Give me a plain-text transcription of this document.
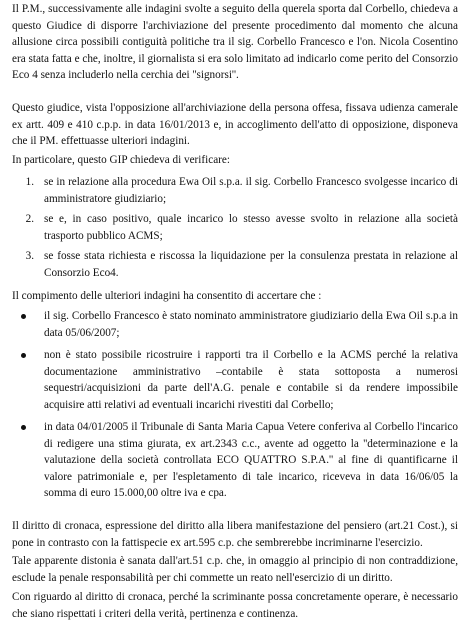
Il P.M., successivamente alle indagini svolte a seguito della querela sporta dal Corbello, chiedeva a questo Giudice di disporre l'archiviazione del presente procedimento dal momento che alcuna allusione circa possibili contiguità politiche tra il sig. Corbello Francesco e l'on. Nicola Cosentino era stata fatta e che, inoltre, il giornalista si era solo limitato ad indicarlo come perito del Consorzio Eco 4 senza includerlo nella cerchia dei ''signorsi''.

Questo giudice, vista l'opposizione all'archiviazione della persona offesa, fissava udienza camerale ex artt. 409 e 410 c.p.p. in data 16/01/2013 e, in accoglimento dell'atto di opposizione, disponeva che il PM. effettuasse ulteriori indagini.

In particolare, questo GIP chiedeva di verificare:

1. se in relazione alla procedura Ewa Oil s.p.a. il sig. Corbello Francesco svolgesse incarico di amministratore giudiziario;
2. se e, in caso positivo, quale incarico lo stesso avesse svolto in relazione alla società trasporto pubblico ACMS;
3. se fosse stata richiesta e riscossa la liquidazione per la consulenza prestata in relazione al Consorzio Eco4.

Il compimento delle ulteriori indagini ha consentito di accertare che :

il sig. Corbello Francesco è stato nominato amministratore giudiziario della Ewa Oil s.p.a in data 05/06/2007;
non è stato possibile ricostruire i rapporti tra il Corbello e la ACMS perché la relativa documentazione amministrativo –contabile è stata sottoposta a numerosi sequestri/acquisizioni da parte dell'A.G. penale e contabile si da rendere impossibile acquisire atti relativi ad eventuali incarichi rivestiti dal Corbello;
in data 04/01/2005 il Tribunale di Santa Maria Capua Vetere conferiva al Corbello l'incarico di redigere una stima giurata, ex art.2343 c.c., avente ad oggetto la ''determinazione e la valutazione della società controllata ECO QUATTRO S.P.A.'' al fine di quantificarne il valore patrimoniale e, per l'espletamento di tale incarico, riceveva in data 16/06/05 la somma di euro 15.000,00 oltre iva e cpa.

Il diritto di cronaca, espressione del diritto alla libera manifestazione del pensiero (art.21 Cost.), si pone in contrasto con la fattispecie ex art.595 c.p. che sembrerebbe incriminarne l'esercizio.

Tale apparente distonia è sanata dall'art.51 c.p. che, in omaggio al principio di non contraddizione, esclude la penale responsabilità per chi commette un reato nell'esercizio di un diritto.

Con riguardo al diritto di cronaca, perché la scriminante possa concretamente operare, è necessario che siano rispettati i criteri della verità, pertinenza e continenza.
